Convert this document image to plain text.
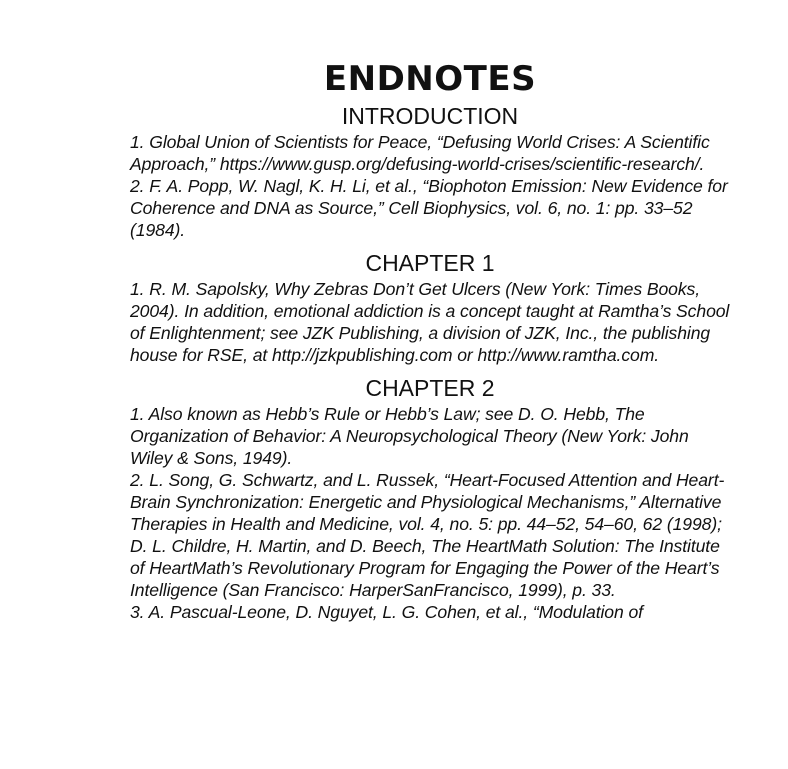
ENDNOTES
INTRODUCTION

1. Global Union of Scientists for Peace, “Defusing World Crises: A Scientific Approach,” https://www.gusp.org/defusing-world-crises/scientific-research/.

2. F. A. Popp, W. Nagl, K. H. Li, et al., “Biophoton Emission: New Evidence for Coherence and DNA as Source,” Cell Biophysics, vol. 6, no. 1: pp. 33–52 (1984).

CHAPTER 1

1. R. M. Sapolsky, Why Zebras Don’t Get Ulcers (New York: Times Books, 2004). In addition, emotional addiction is a concept taught at Ramtha’s School of Enlightenment; see JZK Publishing, a division of JZK, Inc., the publishing house for RSE, at http://jzkpublishing.com or http://www.ramtha.com.

CHAPTER 2

1. Also known as Hebb’s Rule or Hebb’s Law; see D. O. Hebb, The Organization of Behavior: A Neuropsychological Theory (New York: John Wiley & Sons, 1949).

2. L. Song, G. Schwartz, and L. Russek, “Heart-Focused Attention and Heart-Brain Synchronization: Energetic and Physiological Mechanisms,” Alternative Therapies in Health and Medicine, vol. 4, no. 5: pp. 44–52, 54–60, 62 (1998); D. L. Childre, H. Martin, and D. Beech, The HeartMath Solution: The Institute of HeartMath’s Revolutionary Program for Engaging the Power of the Heart’s Intelligence (San Francisco: HarperSanFrancisco, 1999), p. 33.

3. A. Pascual-Leone, D. Nguyet, L. G. Cohen, et al., “Modulation of
